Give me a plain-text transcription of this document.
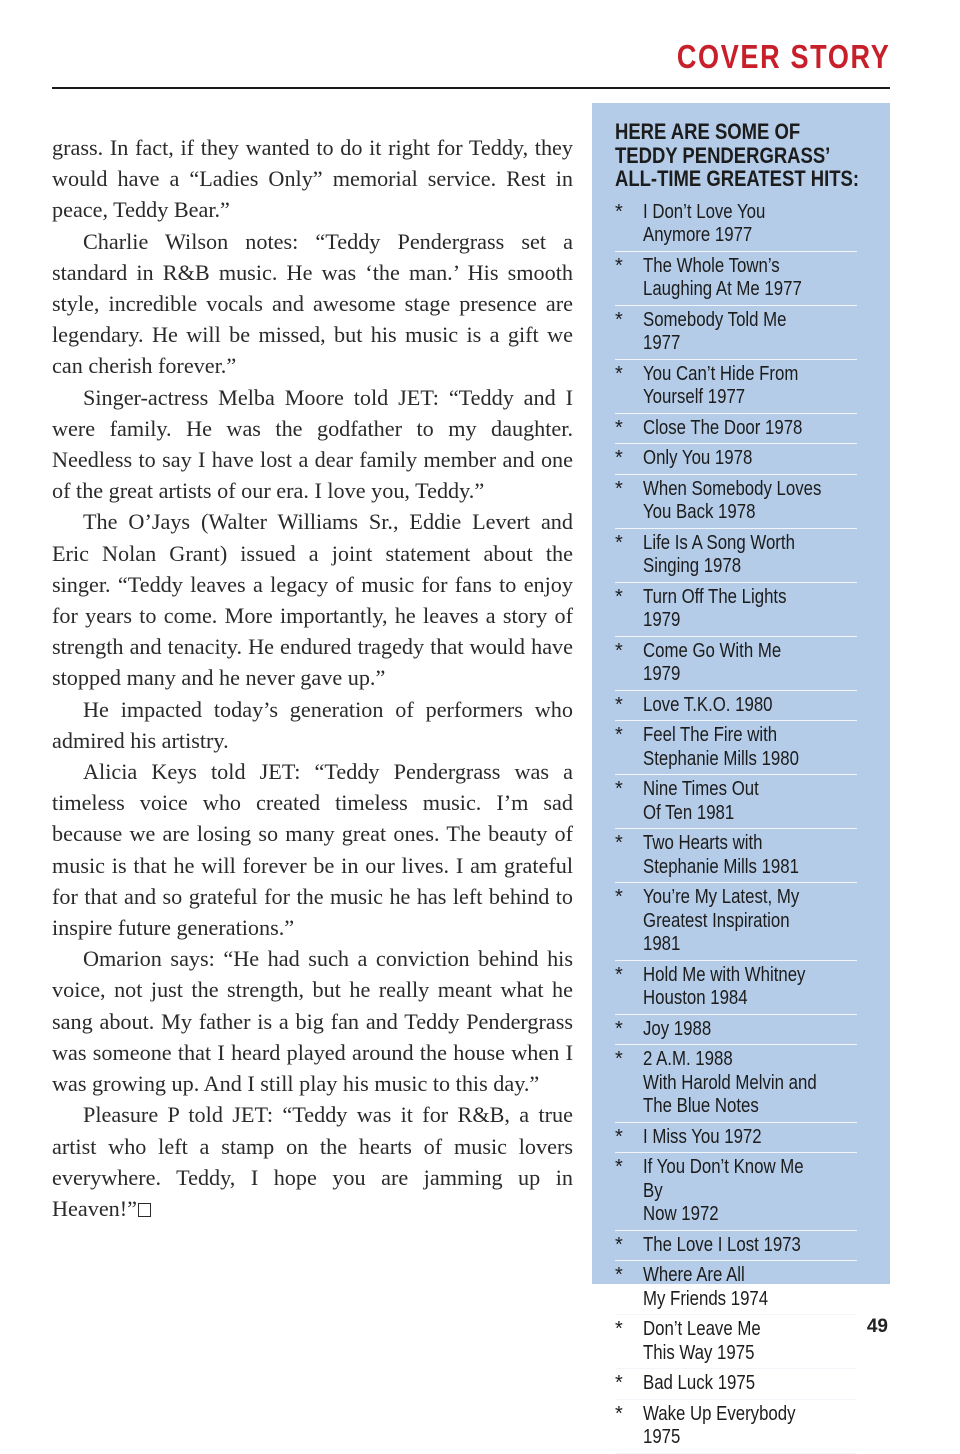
COVER STORY

grass. In fact, if they wanted to do it right for Teddy, they would have a “Ladies Only” memorial service. Rest in peace, Teddy Bear.”

Charlie Wilson notes: “Teddy Pendergrass set a standard in R&B music. He was ‘the man.’ His smooth style, incredible vocals and awesome stage presence are legendary. He will be missed, but his music is a gift we can cherish forever.”

Singer-actress Melba Moore told JET: “Teddy and I were family. He was the godfather to my daughter. Needless to say I have lost a dear family member and one of the great artists of our era. I love you, Teddy.”

The O’Jays (Walter Williams Sr., Eddie Levert and Eric Nolan Grant) issued a joint statement about the singer. “Teddy leaves a legacy of music for fans to enjoy for years to come. More importantly, he leaves a story of strength and tenacity. He endured tragedy that would have stopped many and he never gave up.”

He impacted today’s generation of performers who admired his artistry.

Alicia Keys told JET: “Teddy Pendergrass was a timeless voice who created timeless music. I’m sad because we are losing so many great ones. The beauty of music is that he will forever be in our lives. I am grateful for that and so grateful for the music he has left behind to inspire future generations.”

Omarion says: “He had such a conviction behind his voice, not just the strength, but he really meant what he sang about. My father is a big fan and Teddy Pendergrass was someone that I heard played around the house when I was growing up. And I still play his music to this day.”

Pleasure P told JET: “Teddy was it for R&B, a true artist who left a stamp on the hearts of music lovers everywhere. Teddy, I hope you are jamming up in Heaven!”

HERE ARE SOME OF
TEDDY PENDERGRASS’
ALL-TIME GREATEST HITS:
*	I Don’t Love You
Anymore 1977
*	The Whole Town’s
Laughing At Me 1977
*	Somebody Told Me 1977
*	You Can’t Hide From
Yourself 1977
*	Close The Door 1978
*	Only You 1978
*	When Somebody Loves
You Back 1978
*	Life Is A Song Worth
Singing 1978
*	Turn Off The Lights 1979
*	Come Go With Me 1979
*	Love T.K.O. 1980
*	Feel The Fire with
Stephanie Mills 1980
*	Nine Times Out
Of Ten 1981
*	Two Hearts with
Stephanie Mills 1981
*	You’re My Latest, My
Greatest Inspiration 1981
*	Hold Me with Whitney
Houston 1984
*	Joy 1988
*	2 A.M. 1988
With Harold Melvin and
The Blue Notes
*	I Miss You 1972
*	If You Don’t Know Me By
Now 1972
*	The Love I Lost 1973
*	Where Are All
My Friends 1974
*	Don’t Leave Me
This Way 1975
*	Bad Luck 1975
*	Wake Up Everybody 1975
49
